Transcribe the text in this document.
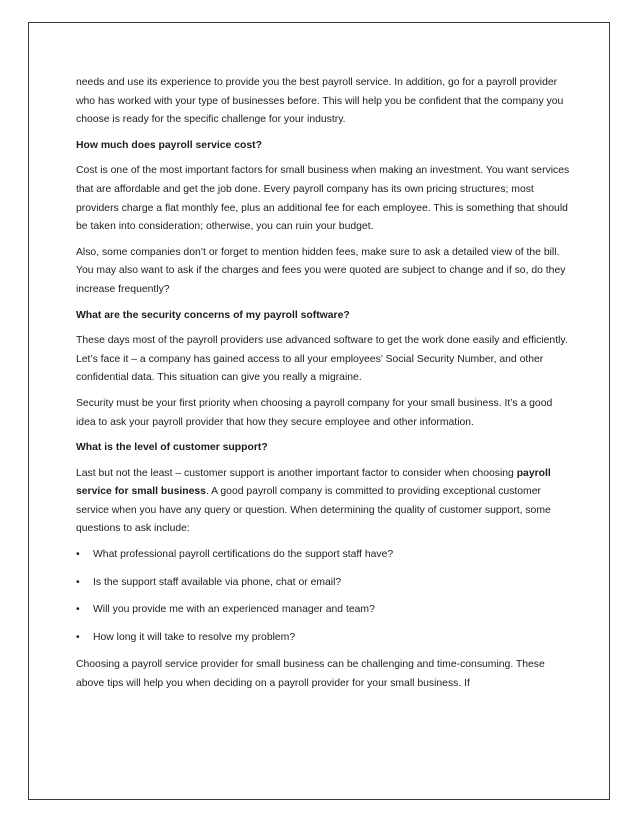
needs and use its experience to provide you the best payroll service. In addition, go for a payroll provider who has worked with your type of businesses before. This will help you be confident that the company you choose is ready for the specific challenge for your industry.

How much does payroll service cost?

Cost is one of the most important factors for small business when making an investment. You want services that are affordable and get the job done. Every payroll company has its own pricing structures; most providers charge a flat monthly fee, plus an additional fee for each employee. This is something that should be taken into consideration; otherwise, you can ruin your budget.

Also, some companies don’t or forget to mention hidden fees, make sure to ask a detailed view of the bill. You may also want to ask if the charges and fees you were quoted are subject to change and if so, do they increase frequently?

What are the security concerns of my payroll software?

These days most of the payroll providers use advanced software to get the work done easily and efficiently. Let’s face it – a company has gained access to all your employees’ Social Security Number, and other confidential data. This situation can give you really a migraine.

Security must be your first priority when choosing a payroll company for your small business. It’s a good idea to ask your payroll provider that how they secure employee and other information.

What is the level of customer support?

Last but not the least – customer support is another important factor to consider when choosing payroll service for small business. A good payroll company is committed to providing exceptional customer service when you have any query or question. When determining the quality of customer support, some questions to ask include:

• What professional payroll certifications do the support staff have?
• Is the support staff available via phone, chat or email?
• Will you provide me with an experienced manager and team?
• How long it will take to resolve my problem?

Choosing a payroll service provider for small business can be challenging and time-consuming. These above tips will help you when deciding on a payroll provider for your small business. If
